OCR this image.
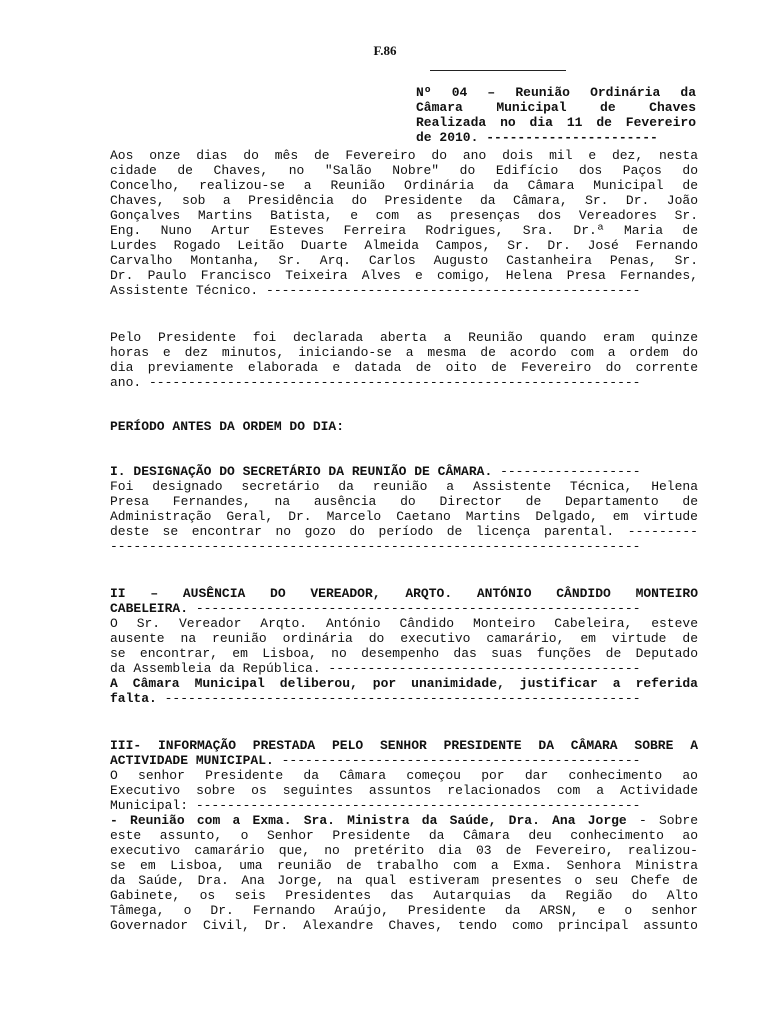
F.86
Nº 04 – Reunião Ordinária da
Câmara Municipal de Chaves
Realizada no dia 11 de Fevereiro
de 2010. ----------------------
Aos onze dias do mês de Fevereiro do ano dois mil e dez, nesta
cidade de Chaves, no "Salão Nobre" do Edifício dos Paços do
Concelho, realizou-se a Reunião Ordinária da Câmara Municipal de
Chaves, sob a Presidência do Presidente da Câmara, Sr. Dr. João
Gonçalves Martins Batista, e com as presenças dos Vereadores Sr.
Eng. Nuno Artur Esteves Ferreira Rodrigues, Sra. Dr.ª Maria de
Lurdes Rogado Leitão Duarte Almeida Campos, Sr. Dr. José Fernando
Carvalho Montanha, Sr. Arq. Carlos Augusto Castanheira Penas, Sr.
Dr. Paulo Francisco Teixeira Alves e comigo, Helena Presa Fernandes,
Assistente Técnico. ------------------------------------------------
Pelo Presidente foi declarada aberta a Reunião quando eram quinze
horas e dez minutos, iniciando-se a mesma de acordo com a ordem do
dia previamente elaborada e datada de oito de Fevereiro do corrente
ano. ---------------------------------------------------------------
PERÍODO ANTES DA ORDEM DO DIA:
I. DESIGNAÇÃO DO SECRETÁRIO DA REUNIÃO DE CÂMARA. ------------------
Foi designado secretário da reunião a Assistente Técnica, Helena
Presa Fernandes, na ausência do Director de Departamento de
Administração Geral, Dr. Marcelo Caetano Martins Delgado, em virtude
deste se encontrar no gozo do período de licença parental. ---------
--------------------------------------------------------------------
II – AUSÊNCIA DO VEREADOR, ARQTO. ANTÓNIO CÂNDIDO MONTEIRO
CABELEIRA. ---------------------------------------------------------
O Sr. Vereador Arqto. António Cândido Monteiro Cabeleira, esteve
ausente na reunião ordinária do executivo camarário, em virtude de
se encontrar, em Lisboa, no desempenho das suas funções de Deputado
da Assembleia da República. ----------------------------------------
A Câmara Municipal deliberou, por unanimidade, justificar a referida
falta. -------------------------------------------------------------
III- INFORMAÇÃO PRESTADA PELO SENHOR PRESIDENTE DA CÂMARA SOBRE A
ACTIVIDADE MUNICIPAL. ----------------------------------------------
O senhor Presidente da Câmara começou por dar conhecimento ao
Executivo sobre os seguintes assuntos relacionados com a Actividade
Municipal: ---------------------------------------------------------
- Reunião com a Exma. Sra. Ministra da Saúde, Dra. Ana Jorge - Sobre
este assunto, o Senhor Presidente da Câmara deu conhecimento ao
executivo camarário que, no pretérito dia 03 de Fevereiro, realizou-
se em Lisboa, uma reunião de trabalho com a Exma. Senhora Ministra
da Saúde, Dra. Ana Jorge, na qual estiveram presentes o seu Chefe de
Gabinete, os seis Presidentes das Autarquias da Região do Alto
Tâmega, o Dr. Fernando Araújo, Presidente da ARSN, e o senhor
Governador Civil, Dr. Alexandre Chaves, tendo como principal assunto
